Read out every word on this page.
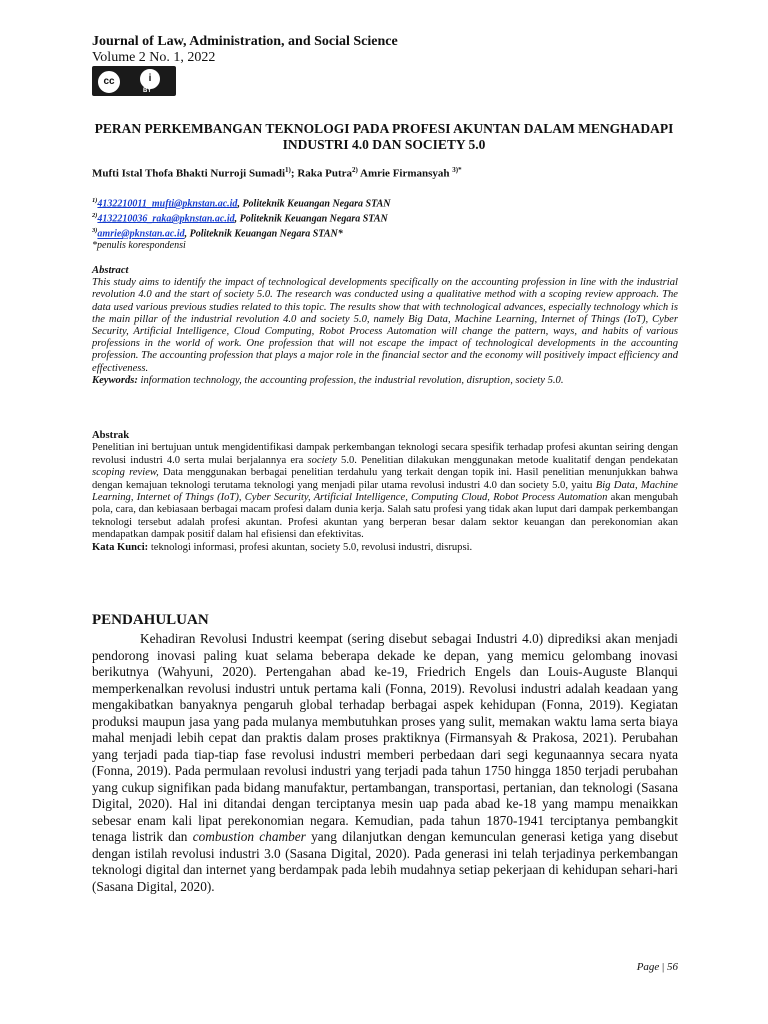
Journal of Law, Administration, and Social Science
Volume 2 No. 1, 2022
cc	i
BY
PERAN PERKEMBANGAN TEKNOLOGI PADA PROFESI AKUNTAN DALAM MENGHADAPI INDUSTRI 4.0 DAN SOCIETY 5.0
Mufti Istal Thofa Bhakti Nurroji Sumadi$^{1)}$; Raka Putra$^{2)}$ Amrie Firmansyah $^{3)*}$
$^{1)}$4132210011_mufti@pknstan.ac.id, Politeknik Keuangan Negara STAN
$^{2)}$4132210036_raka@pknstan.ac.id, Politeknik Keuangan Negara STAN
$^{3)}$amrie@pknstan.ac.id, Politeknik Keuangan Negara STAN*
*penulis korespondensi
Abstract
This study aims to identify the impact of technological developments specifically on the accounting profession in line with the industrial revolution 4.0 and the start of society 5.0. The research was conducted using a qualitative method with a scoping review approach. The data used various previous studies related to this topic. The results show that with technological advances, especially technology which is the main pillar of the industrial revolution 4.0 and society 5.0, namely Big Data, Machine Learning, Internet of Things (IoT), Cyber Security, Artificial Intelligence, Cloud Computing, Robot Process Automation will change the pattern, ways, and habits of various professions in the world of work. One profession that will not escape the impact of technological developments in the accounting profession. The accounting profession that plays a major role in the financial sector and the economy will positively impact efficiency and effectiveness.
Keywords: information technology, the accounting profession, the industrial revolution, disruption, society 5.0.
Abstrak
Penelitian ini bertujuan untuk mengidentifikasi dampak perkembangan teknologi secara spesifik terhadap profesi akuntan seiring dengan revolusi industri 4.0 serta mulai berjalannya era society 5.0. Penelitian dilakukan menggunakan metode kualitatif dengan pendekatan scoping review, Data menggunakan berbagai penelitian terdahulu yang terkait dengan topik ini. Hasil penelitian menunjukkan bahwa dengan kemajuan teknologi terutama teknologi yang menjadi pilar utama revolusi industri 4.0 dan society 5.0, yaitu Big Data, Machine Learning, Internet of Things (IoT), Cyber Security, Artificial Intelligence, Computing Cloud, Robot Process Automation akan mengubah pola, cara, dan kebiasaan berbagai macam profesi dalam dunia kerja. Salah satu profesi yang tidak akan luput dari dampak perkembangan teknologi tersebut adalah profesi akuntan. Profesi akuntan yang berperan besar dalam sektor keuangan dan perekonomian akan mendapatkan dampak positif dalam hal efisiensi dan efektivitas.
Kata Kunci: teknologi informasi, profesi akuntan, society 5.0, revolusi industri, disrupsi.
PENDAHULUAN

Kehadiran Revolusi Industri keempat (sering disebut sebagai Industri 4.0) diprediksi akan menjadi pendorong inovasi paling kuat selama beberapa dekade ke depan, yang memicu gelombang inovasi berikutnya (Wahyuni, 2020). Pertengahan abad ke-19, Friedrich Engels dan Louis-Auguste Blanqui memperkenalkan revolusi industri untuk pertama kali (Fonna, 2019). Revolusi industri adalah keadaan yang mengakibatkan banyaknya pengaruh global terhadap berbagai aspek kehidupan (Fonna, 2019). Kegiatan produksi maupun jasa yang pada mulanya membutuhkan proses yang sulit, memakan waktu lama serta biaya mahal menjadi lebih cepat dan praktis dalam proses praktiknya (Firmansyah & Prakosa, 2021). Perubahan yang terjadi pada tiap-tiap fase revolusi industri memberi perbedaan dari segi kegunaannya secara nyata (Fonna, 2019). Pada permulaan revolusi industri yang terjadi pada tahun 1750 hingga 1850 terjadi perubahan yang cukup signifikan pada bidang manufaktur, pertambangan, transportasi, pertanian, dan teknologi (Sasana Digital, 2020). Hal ini ditandai dengan terciptanya mesin uap pada abad ke-18 yang mampu menaikkan sebesar enam kali lipat perekonomian negara. Kemudian, pada tahun 1870-1941 terciptanya pembangkit tenaga listrik dan combustion chamber yang dilanjutkan dengan kemunculan generasi ketiga yang disebut dengan istilah revolusi industri 3.0 (Sasana Digital, 2020). Pada generasi ini telah terjadinya perkembangan teknologi digital dan internet yang berdampak pada lebih mudahnya setiap pekerjaan di kehidupan sehari-hari (Sasana Digital, 2020).

Page | 56
